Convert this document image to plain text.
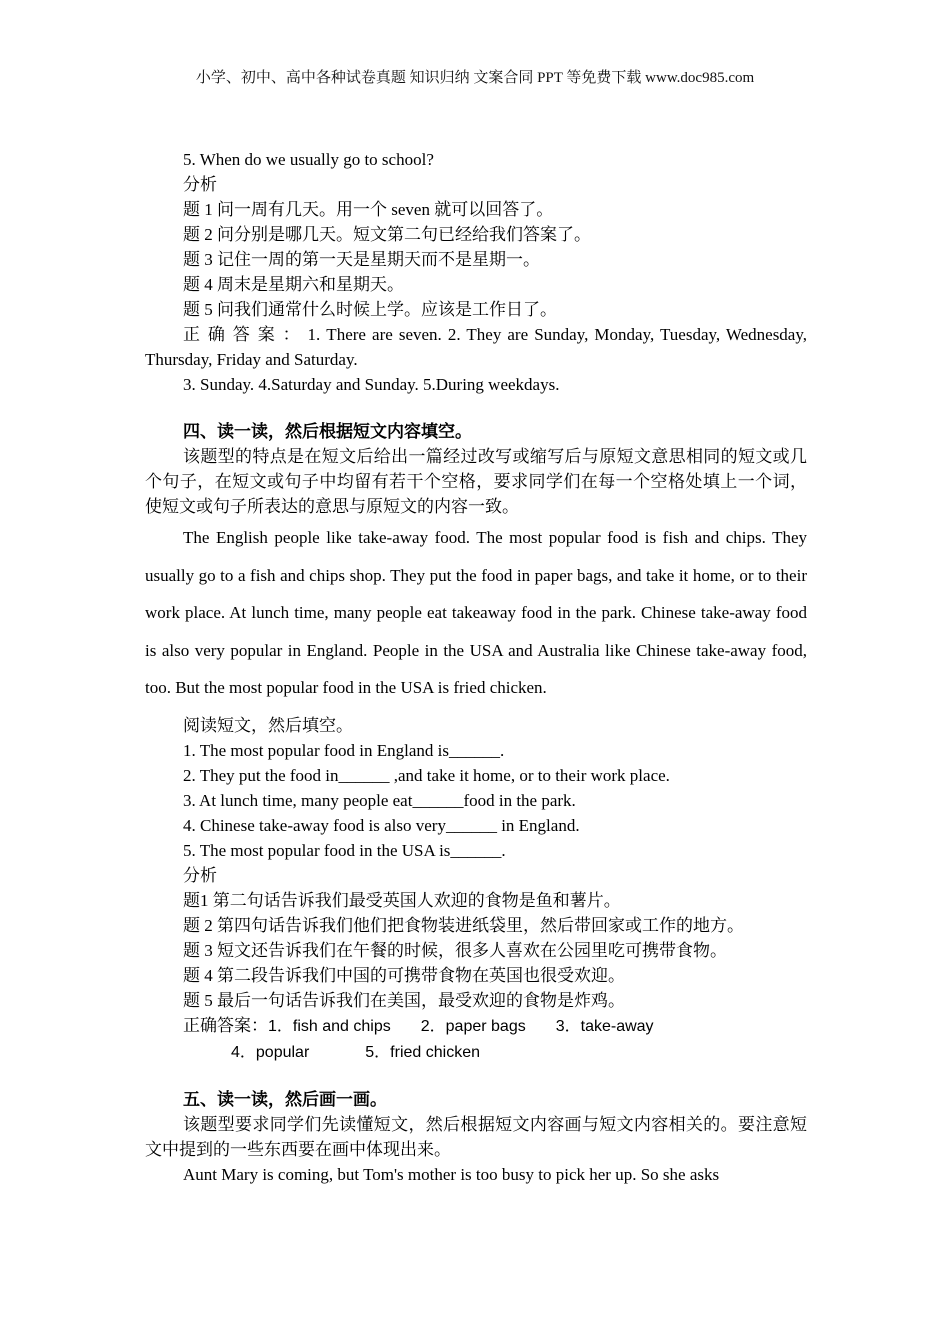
小学、初中、高中各种试卷真题 知识归纳 文案合同 PPT 等免费下载 www.doc985.com
5. When do we usually go to school?
分析
题 1 问一周有几天。用一个 seven 就可以回答了。
题 2 问分别是哪几天。短文第二句已经给我们答案了。
题 3 记住一周的第一天是星期天而不是星期一。
题 4 周末是星期六和星期天。
题 5 问我们通常什么时候上学。应该是工作日了。
正 确 答 案 ： 1. There are seven. 2. They are Sunday, Monday, Tuesday, Wednesday, Thursday, Friday and Saturday.
3. Sunday. 4.Saturday and Sunday. 5.During weekdays.
四、读一读，然后根据短文内容填空。
该题型的特点是在短文后给出一篇经过改写或缩写后与原短文意思相同的短文或几个句子，在短文或句子中均留有若干个空格，要求同学们在每一个空格处填上一个词，使短文或句子所表达的意思与原短文的内容一致。
The English people like take-away food. The most popular food is fish and chips. They usually go to a fish and chips shop. They put the food in paper bags, and take it home, or to their work place. At lunch time, many people eat takeaway food in the park. Chinese take-away food is also very popular in England. People in the USA and Australia like Chinese take-away food, too. But the most popular food in the USA is fried chicken.
阅读短文，然后填空。
1. The most popular food in England is______.
2. They put the food in______ ,and take it home, or to their work place.
3. At lunch time, many people eat______food in the park.
4. Chinese take-away food is also very______ in England.
5. The most popular food in the USA is______.
分析
题1 第二句话告诉我们最受英国人欢迎的食物是鱼和薯片。
题 2 第四句话告诉我们他们把食物装进纸袋里，然后带回家或工作的地方。
题 3 短文还告诉我们在午餐的时候，很多人喜欢在公园里吃可携带食物。
题 4 第二段告诉我们中国的可携带食物在英国也很受欢迎。
题 5 最后一句话告诉我们在美国，最受欢迎的食物是炸鸡。
正确答案：1．fish and chips 2．paper bags 3．take-away
4．popular	5．fried chicken
五、读一读，然后画一画。
该题型要求同学们先读懂短文，然后根据短文内容画与短文内容相关的。要注意短文中提到的一些东西要在画中体现出来。
Aunt Mary is coming, but Tom's mother is too busy to pick her up. So she asks
